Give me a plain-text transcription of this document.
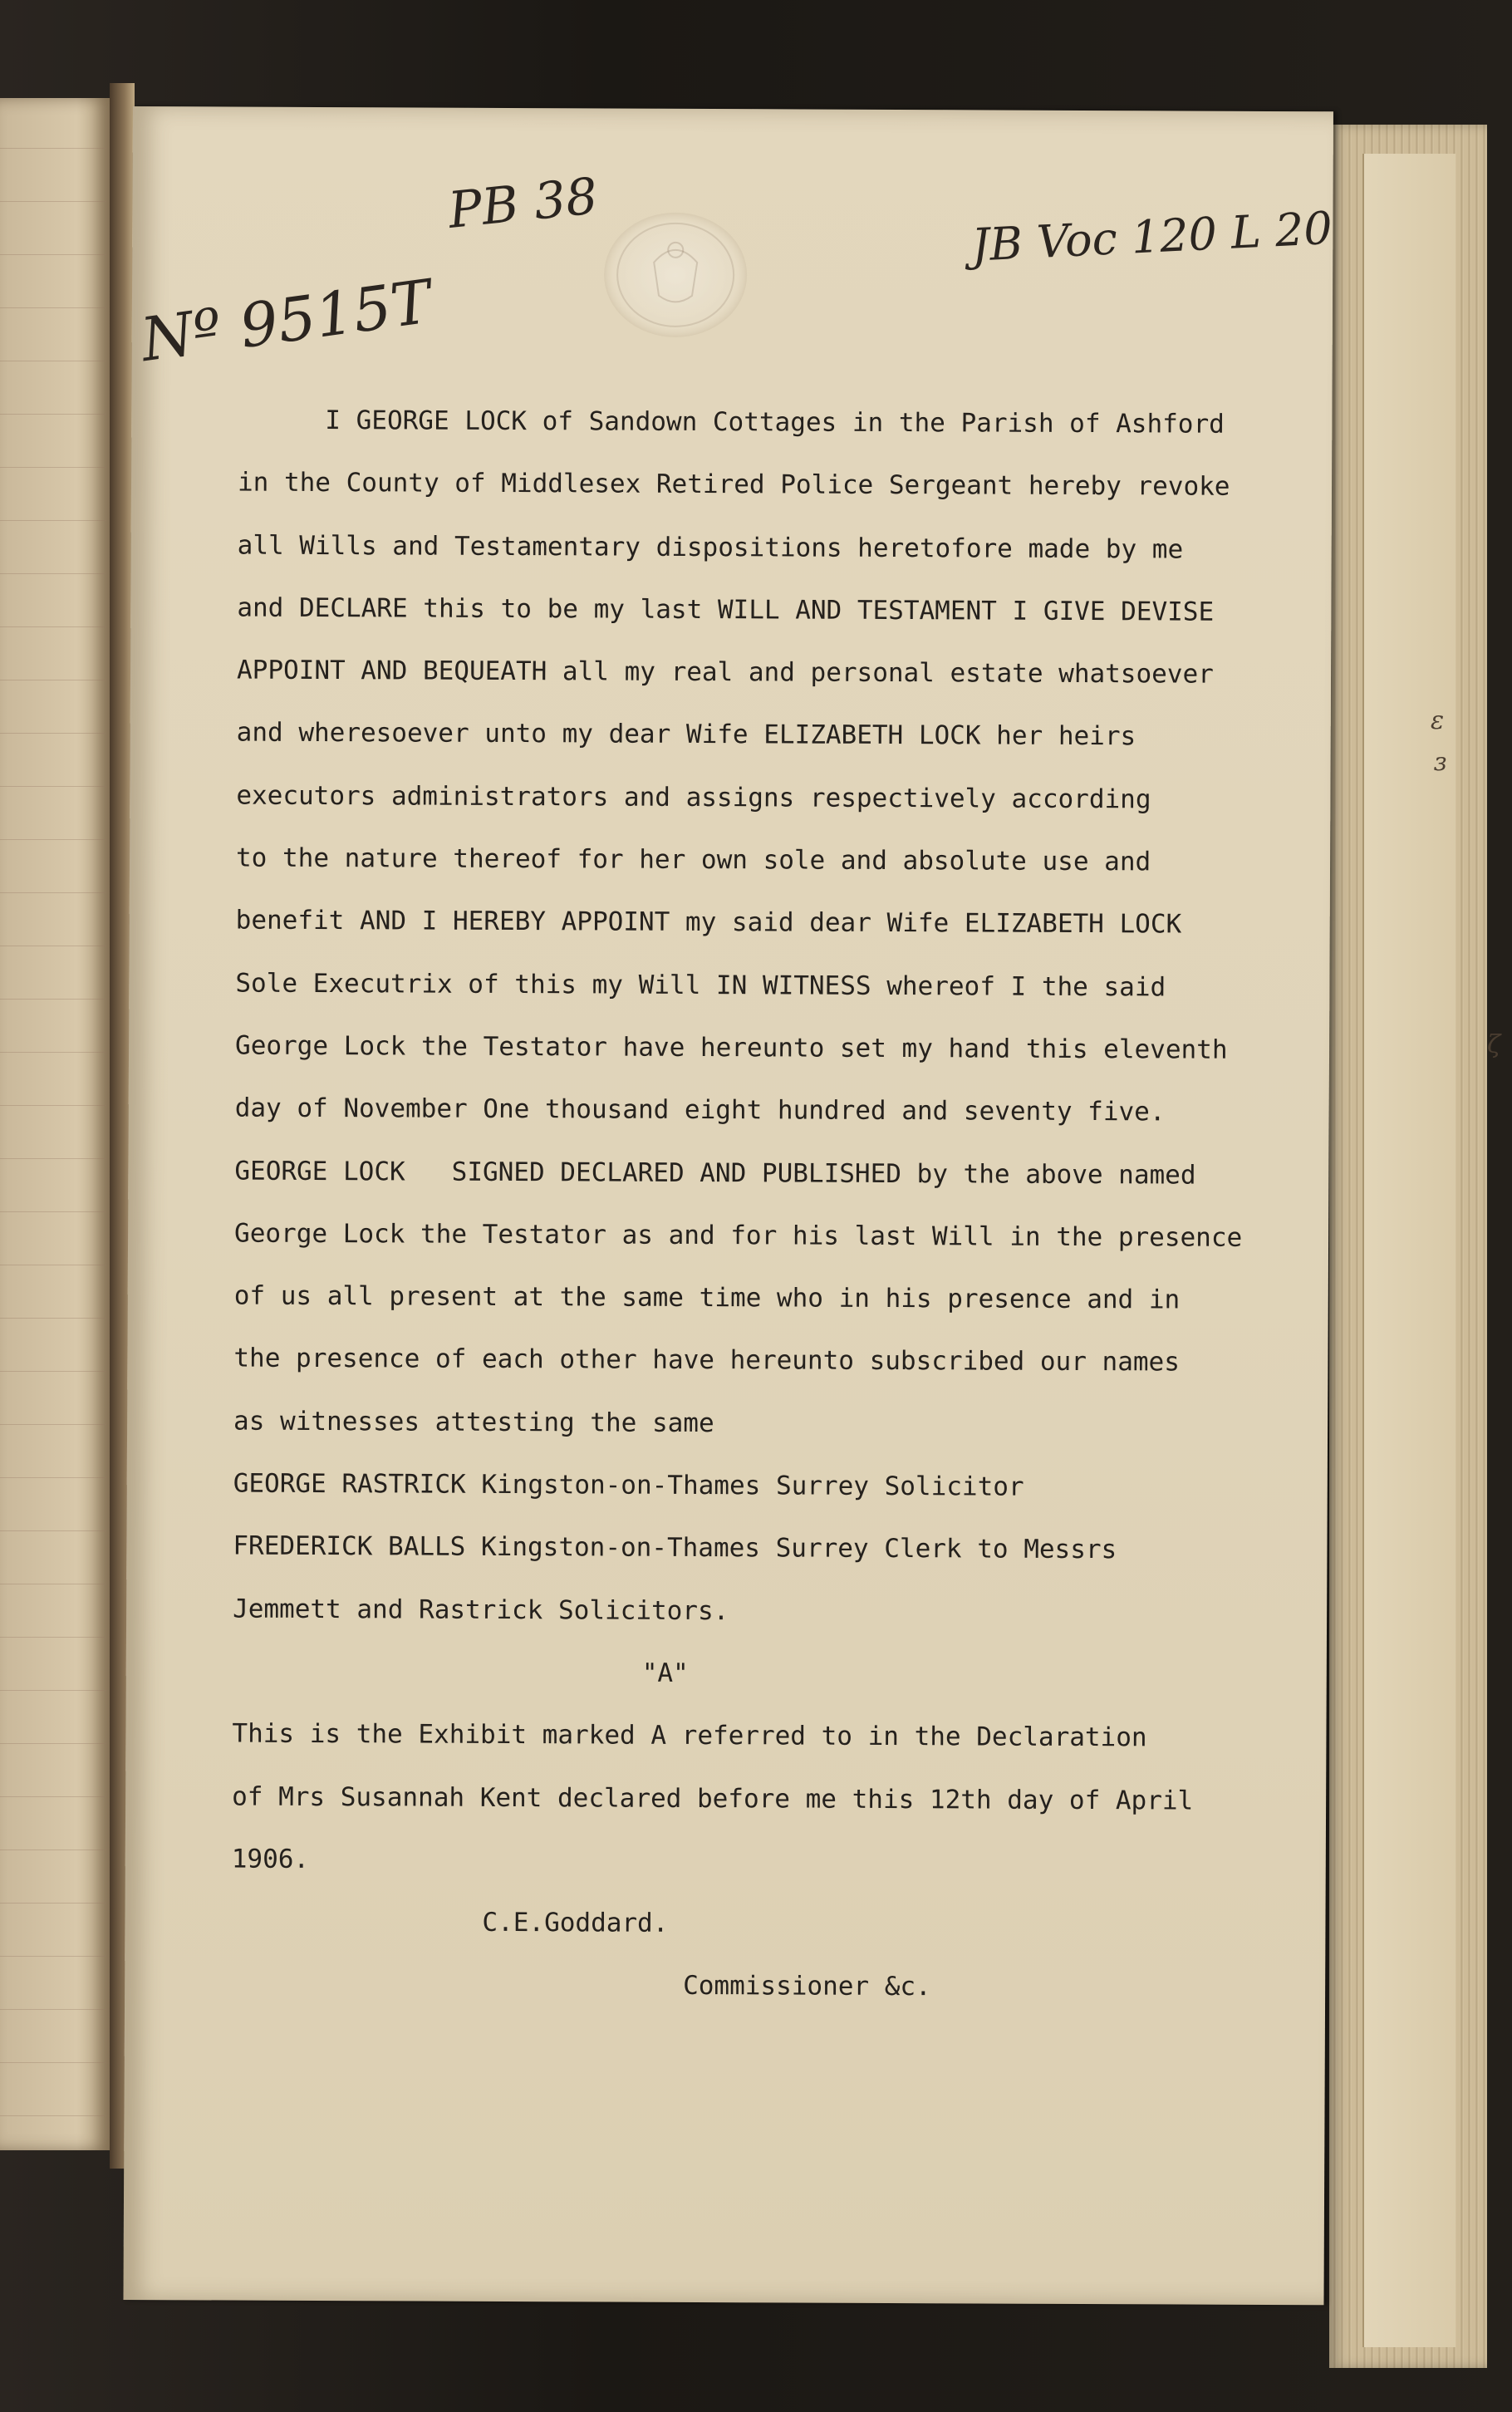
ɛ
ɜ
ζ
Nº 9515T
PB 38	JB Voc 120 L 20
I GEORGE LOCK of Sandown Cottages in the Parish of Ashford
in the County of Middlesex Retired Police Sergeant hereby revoke
all Wills and Testamentary dispositions heretofore made by me
and DECLARE this to be my last WILL AND TESTAMENT I GIVE DEVISE
APPOINT AND BEQUEATH all my real and personal estate whatsoever
and wheresoever unto my dear Wife ELIZABETH LOCK her heirs
executors administrators and assigns respectively according
to the nature thereof for her own sole and absolute use and
benefit AND I HEREBY APPOINT my said dear Wife ELIZABETH LOCK
Sole Executrix of this my Will IN WITNESS whereof I the said
George Lock the Testator have hereunto set my hand this eleventh
day of November One thousand eight hundred and seventy five.
GEORGE LOCK   SIGNED DECLARED AND PUBLISHED by the above named
George Lock the Testator as and for his last Will in the presence
of us all present at the same time who in his presence and in
the presence of each other have hereunto subscribed our names
as witnesses attesting the same
GEORGE RASTRICK Kingston-on-Thames Surrey Solicitor
FREDERICK BALLS Kingston-on-Thames Surrey Clerk to Messrs
Jemmett and Rastrick Solicitors.
"A"
This is the Exhibit marked A referred to in the Declaration
of Mrs Susannah Kent declared before me this 12th day of April
1906.
C.E.Goddard.
Commissioner &c.
